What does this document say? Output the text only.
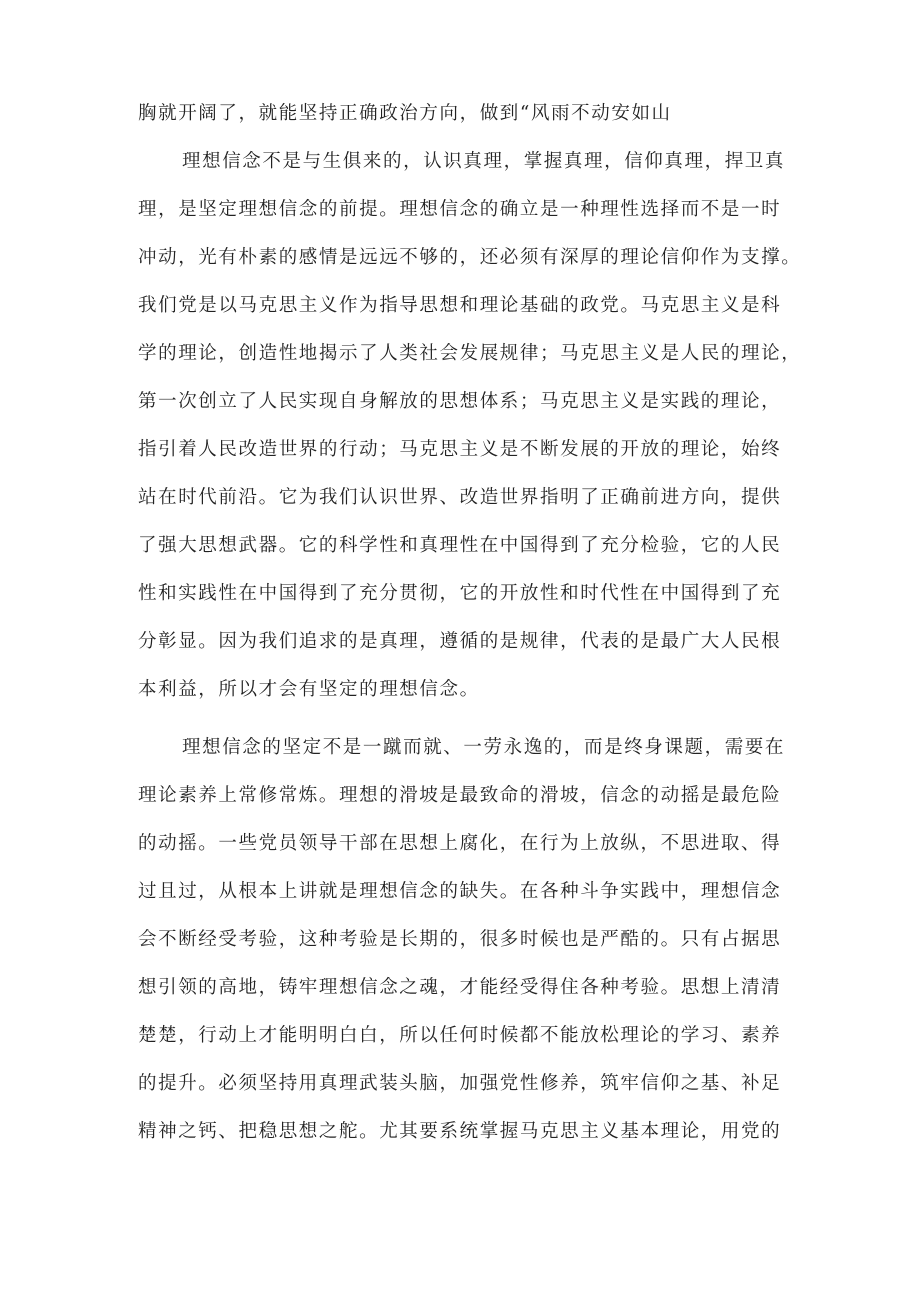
胸就开阔了，就能坚持正确政治方向，做到“风雨不动安如山
理想信念不是与生俱来的，认识真理，掌握真理，信仰真理，捍卫真
理，是坚定理想信念的前提。理想信念的确立是一种理性选择而不是一时
冲动，光有朴素的感情是远远不够的，还必须有深厚的理论信仰作为支撑。
我们党是以马克思主义作为指导思想和理论基础的政党。马克思主义是科
学的理论，创造性地揭示了人类社会发展规律；马克思主义是人民的理论，
第一次创立了人民实现自身解放的思想体系；马克思主义是实践的理论，
指引着人民改造世界的行动；马克思主义是不断发展的开放的理论，始终
站在时代前沿。它为我们认识世界、改造世界指明了正确前进方向，提供
了强大思想武器。它的科学性和真理性在中国得到了充分检验，它的人民
性和实践性在中国得到了充分贯彻，它的开放性和时代性在中国得到了充
分彰显。因为我们追求的是真理，遵循的是规律，代表的是最广大人民根
本利益，所以才会有坚定的理想信念。
理想信念的坚定不是一蹴而就、一劳永逸的，而是终身课题，需要在
理论素养上常修常炼。理想的滑坡是最致命的滑坡，信念的动摇是最危险
的动摇。一些党员领导干部在思想上腐化，在行为上放纵，不思进取、得
过且过，从根本上讲就是理想信念的缺失。在各种斗争实践中，理想信念
会不断经受考验，这种考验是长期的，很多时候也是严酷的。只有占据思
想引领的高地，铸牢理想信念之魂，才能经受得住各种考验。思想上清清
楚楚，行动上才能明明白白，所以任何时候都不能放松理论的学习、素养
的提升。必须坚持用真理武装头脑，加强党性修养，筑牢信仰之基、补足
精神之钙、把稳思想之舵。尤其要系统掌握马克思主义基本理论，用党的
